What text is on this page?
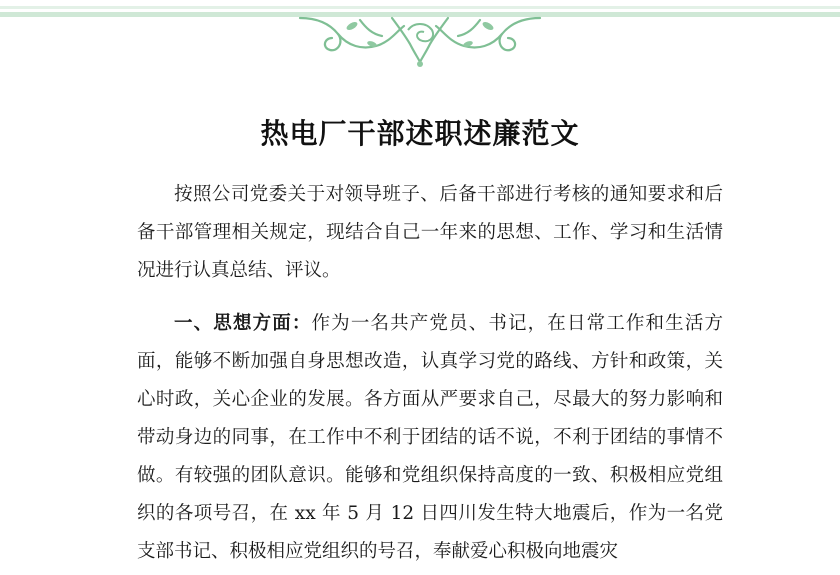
热电厂干部述职述廉范文

按照公司党委关于对领导班子、后备干部进行考核的通知要求和后备干部管理相关规定，现结合自己一年来的思想、工作、学习和生活情况进行认真总结、评议。

一、思想方面：作为一名共产党员、书记，在日常工作和生活方面，能够不断加强自身思想改造，认真学习党的路线、方针和政策，关心时政，关心企业的发展。各方面从严要求自己，尽最大的努力影响和带动身边的同事，在工作中不利于团结的话不说，不利于团结的事情不做。有较强的团队意识。能够和党组织保持高度的一致、积极相应党组织的各项号召，在 xx 年 5 月 12 日四川发生特大地震后，作为一名党支部书记、积极相应党组织的号召，奉献爱心积极向地震灾
